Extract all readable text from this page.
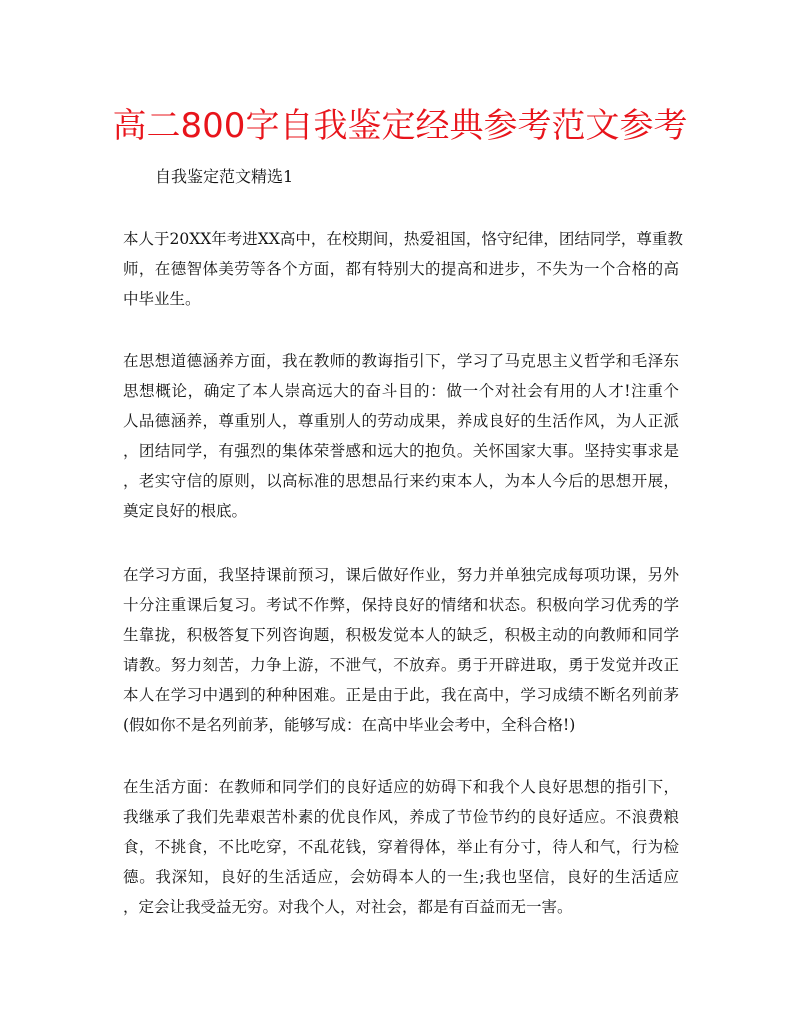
高二800字自我鉴定经典参考范文参考
自我鉴定范文精选1
本人于20XX年考进XX高中，在校期间，热爱祖国，恪守纪律，团结同学，尊重教
师，在德智体美劳等各个方面，都有特别大的提高和进步，不失为一个合格的高
中毕业生。
在思想道德涵养方面，我在教师的教诲指引下，学习了马克思主义哲学和毛泽东
思想概论，确定了本人崇高远大的奋斗目的：做一个对社会有用的人才!注重个
人品德涵养，尊重别人，尊重别人的劳动成果，养成良好的生活作风，为人正派
，团结同学，有强烈的集体荣誉感和远大的抱负。关怀国家大事。坚持实事求是
，老实守信的原则，以高标准的思想品行来约束本人，为本人今后的思想开展，
奠定良好的根底。
在学习方面，我坚持课前预习，课后做好作业，努力并单独完成每项功课，另外
十分注重课后复习。考试不作弊，保持良好的情绪和状态。积极向学习优秀的学
生靠拢，积极答复下列咨询题，积极发觉本人的缺乏，积极主动的向教师和同学
请教。努力刻苦，力争上游，不泄气，不放弃。勇于开辟进取，勇于发觉并改正
本人在学习中遇到的种种困难。正是由于此，我在高中，学习成绩不断名列前茅
(假如你不是名列前茅，能够写成：在高中毕业会考中，全科合格!)
在生活方面：在教师和同学们的良好适应的妨碍下和我个人良好思想的指引下，
我继承了我们先辈艰苦朴素的优良作风，养成了节俭节约的良好适应。不浪费粮
食，不挑食，不比吃穿，不乱花钱，穿着得体，举止有分寸，待人和气，行为检
德。我深知，良好的生活适应，会妨碍本人的一生;我也坚信，良好的生活适应
，定会让我受益无穷。对我个人，对社会，都是有百益而无一害。
